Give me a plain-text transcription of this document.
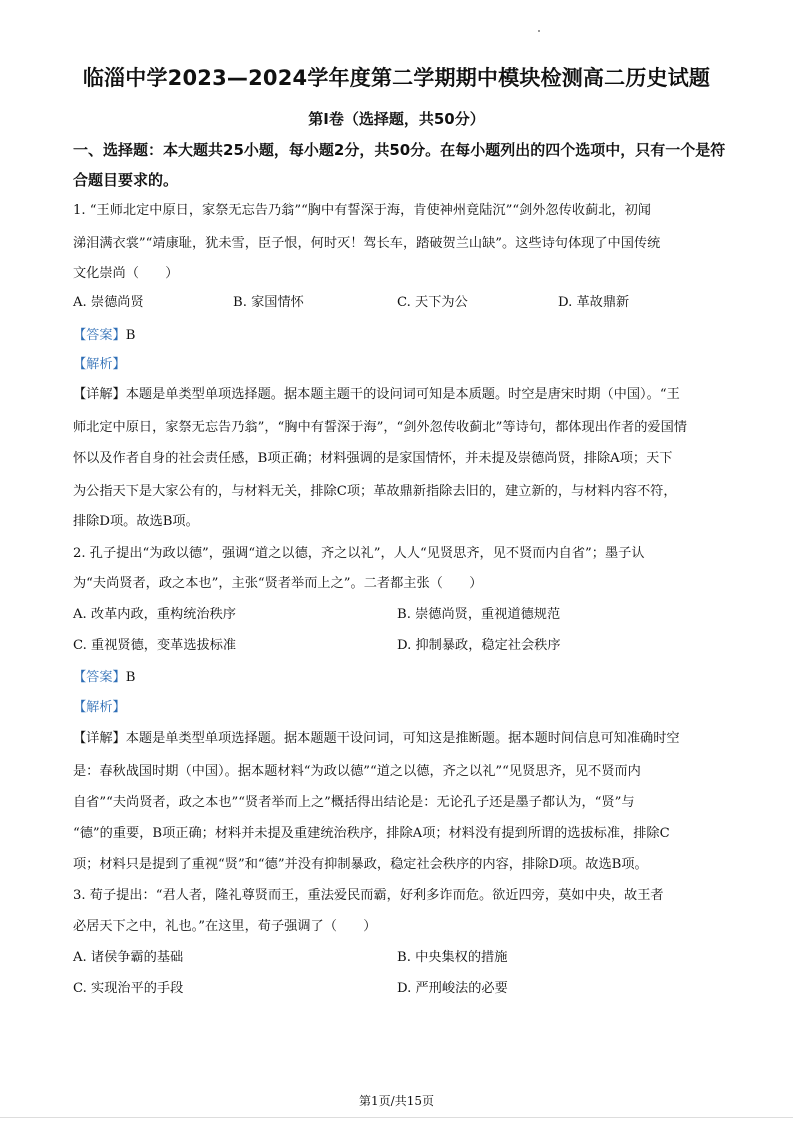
临淄中学2023—2024学年度第二学期期中模块检测高二历史试题
第Ⅰ卷（选择题，共50分）
一、选择题：本大题共25小题，每小题2分，共50分。在每小题列出的四个选项中，只有一个是符合题目要求的。
1. “王师北定中原日，家祭无忘告乃翁”“胸中有誓深于海，肯使神州竟陆沉”“剑外忽传收蓟北，初闻
涕泪满衣裳”“靖康耻，犹未雪，臣子恨，何时灭！驾长车，踏破贺兰山缺”。这些诗句体现了中国传统
文化崇尚（　　）
A. 崇德尚贤	B. 家国情怀	C. 天下为公	D. 革故鼎新
【答案】B
【解析】
【详解】本题是单类型单项选择题。据本题主题干的设问词可知是本质题。时空是唐宋时期（中国）。“王
师北定中原日，家祭无忘告乃翁”，“胸中有誓深于海”，“剑外忽传收蓟北”等诗句，都体现出作者的爱国情
怀以及作者自身的社会责任感，B项正确；材料强调的是家国情怀，并未提及崇德尚贤，排除A项；天下
为公指天下是大家公有的，与材料无关，排除C项；革故鼎新指除去旧的，建立新的，与材料内容不符，
排除D项。故选B项。
2. 孔子提出“为政以德”，强调“道之以德，齐之以礼”，人人“见贤思齐，见不贤而内自省”；墨子认
为“夫尚贤者，政之本也”，主张“贤者举而上之”。二者都主张（　　）
A. 改革内政，重构统治秩序	B. 崇德尚贤，重视道德规范
C. 重视贤德，变革选拔标准	D. 抑制暴政，稳定社会秩序
【答案】B
【解析】
【详解】本题是单类型单项选择题。据本题题干设问词，可知这是推断题。据本题时间信息可知准确时空
是：春秋战国时期（中国）。据本题材料“为政以德”“道之以德，齐之以礼”“见贤思齐，见不贤而内
自省”“夫尚贤者，政之本也”“贤者举而上之”概括得出结论是：无论孔子还是墨子都认为，“贤”与
“德”的重要，B项正确；材料并未提及重建统治秩序，排除A项；材料没有提到所谓的选拔标准，排除C
项；材料只是提到了重视“贤”和“德”并没有抑制暴政，稳定社会秩序的内容，排除D项。故选B项。
3. 荀子提出：“君人者，隆礼尊贤而王，重法爱民而霸，好利多诈而危。欲近四旁，莫如中央，故王者
必居天下之中，礼也。”在这里，荀子强调了（　　）
A. 诸侯争霸的基础	B. 中央集权的措施
C. 实现治平的手段	D. 严刑峻法的必要
第1页/共15页
